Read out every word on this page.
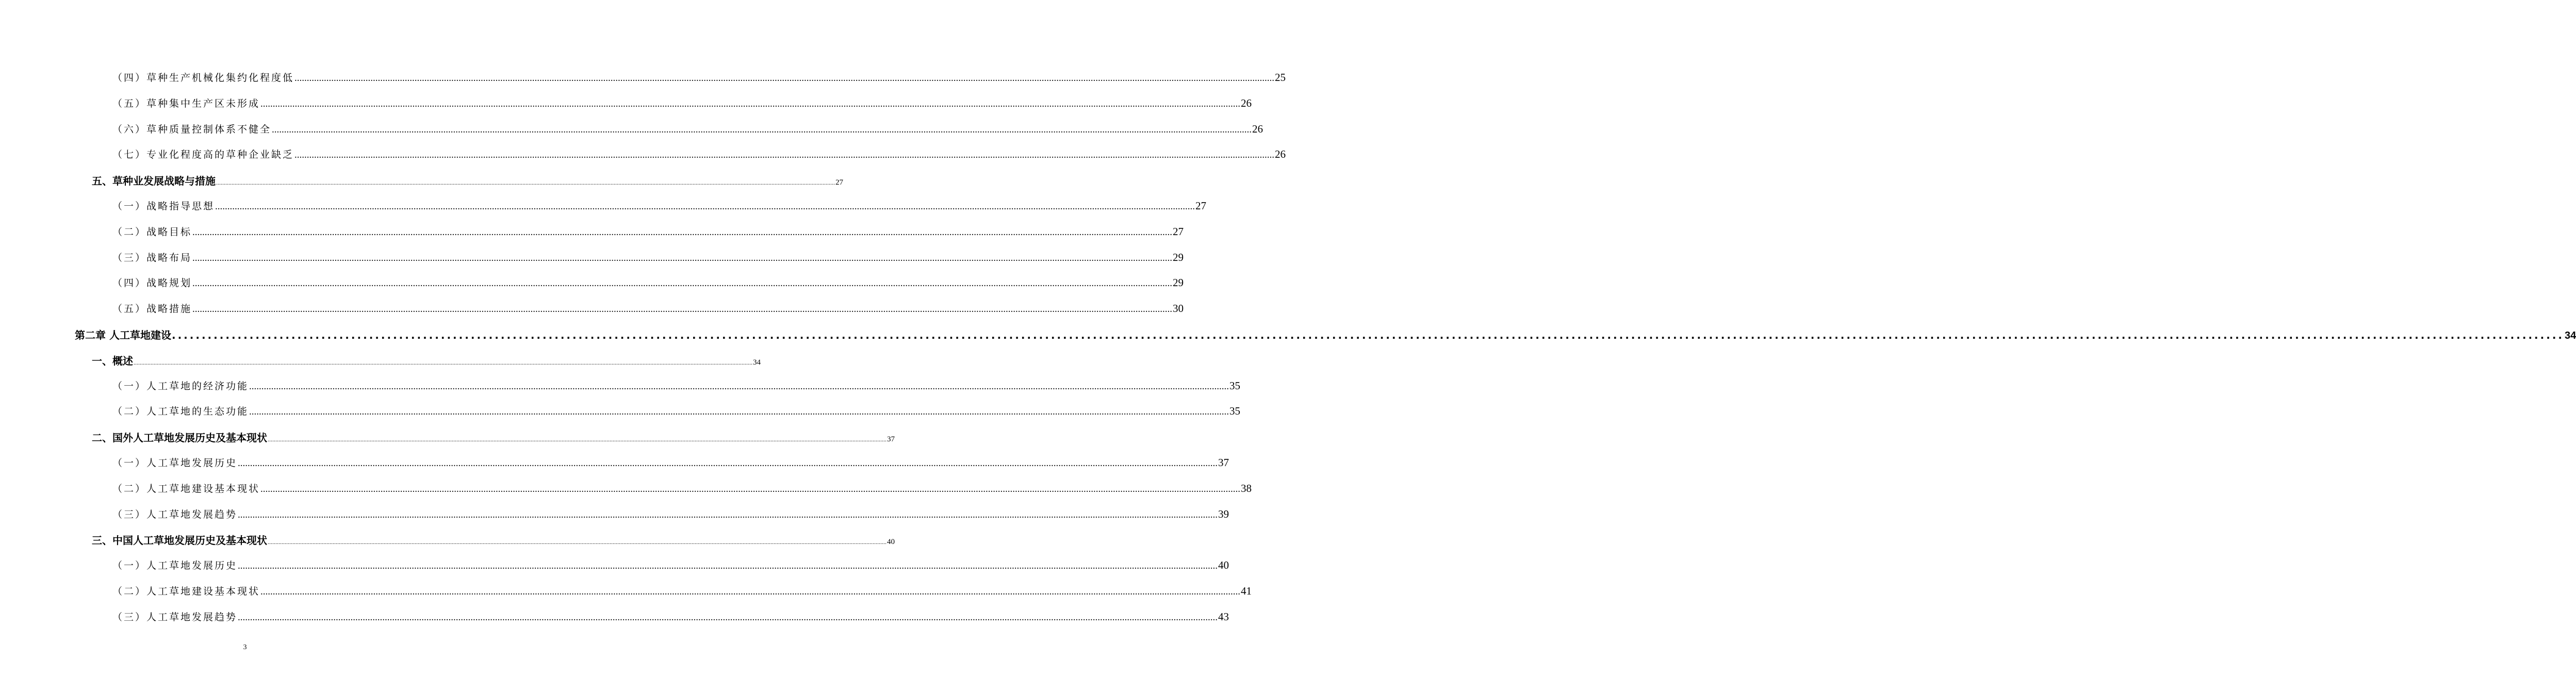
（四）草种生产机械化集约化程度低 ................................................................................................................................................................................................................................................................................................................................................................................................................ 25
（五）草种集中生产区未形成 ................................................................................................................................................................................................................................................................................................................................................................................................................ 26
（六）草种质量控制体系不健全 ................................................................................................................................................................................................................................................................................................................................................................................................................ 26
（七）专业化程度高的草种企业缺乏 ................................................................................................................................................................................................................................................................................................................................................................................................................ 26
五、草种业发展战略与措施 ................................................................................................................................................................................................................................................................................................................................................................................................................ 27
（一）战略指导思想 ................................................................................................................................................................................................................................................................................................................................................................................................................ 27
（二）战略目标 ................................................................................................................................................................................................................................................................................................................................................................................................................ 27
（三）战略布局 ................................................................................................................................................................................................................................................................................................................................................................................................................ 29
（四）战略规划 ................................................................................................................................................................................................................................................................................................................................................................................................................ 29
（五）战略措施 ................................................................................................................................................................................................................................................................................................................................................................................................................ 30
第二章 人工草地建设 ................................................................................................................................................................................................................................................................................................................................................................................................................ 34
一、概述 ................................................................................................................................................................................................................................................................................................................................................................................................................ 34
（一）人工草地的经济功能 ................................................................................................................................................................................................................................................................................................................................................................................................................ 35
（二）人工草地的生态功能 ................................................................................................................................................................................................................................................................................................................................................................................................................ 35
二、国外人工草地发展历史及基本现状 ................................................................................................................................................................................................................................................................................................................................................................................................................ 37
（一）人工草地发展历史 ................................................................................................................................................................................................................................................................................................................................................................................................................ 37
（二）人工草地建设基本现状 ................................................................................................................................................................................................................................................................................................................................................................................................................ 38
（三）人工草地发展趋势 ................................................................................................................................................................................................................................................................................................................................................................................................................ 39
三、中国人工草地发展历史及基本现状 ................................................................................................................................................................................................................................................................................................................................................................................................................ 40
（一）人工草地发展历史 ................................................................................................................................................................................................................................................................................................................................................................................................................ 40
（二）人工草地建设基本现状 ................................................................................................................................................................................................................................................................................................................................................................................................................ 41
（三）人工草地发展趋势 ................................................................................................................................................................................................................................................................................................................................................................................................................ 43
3
